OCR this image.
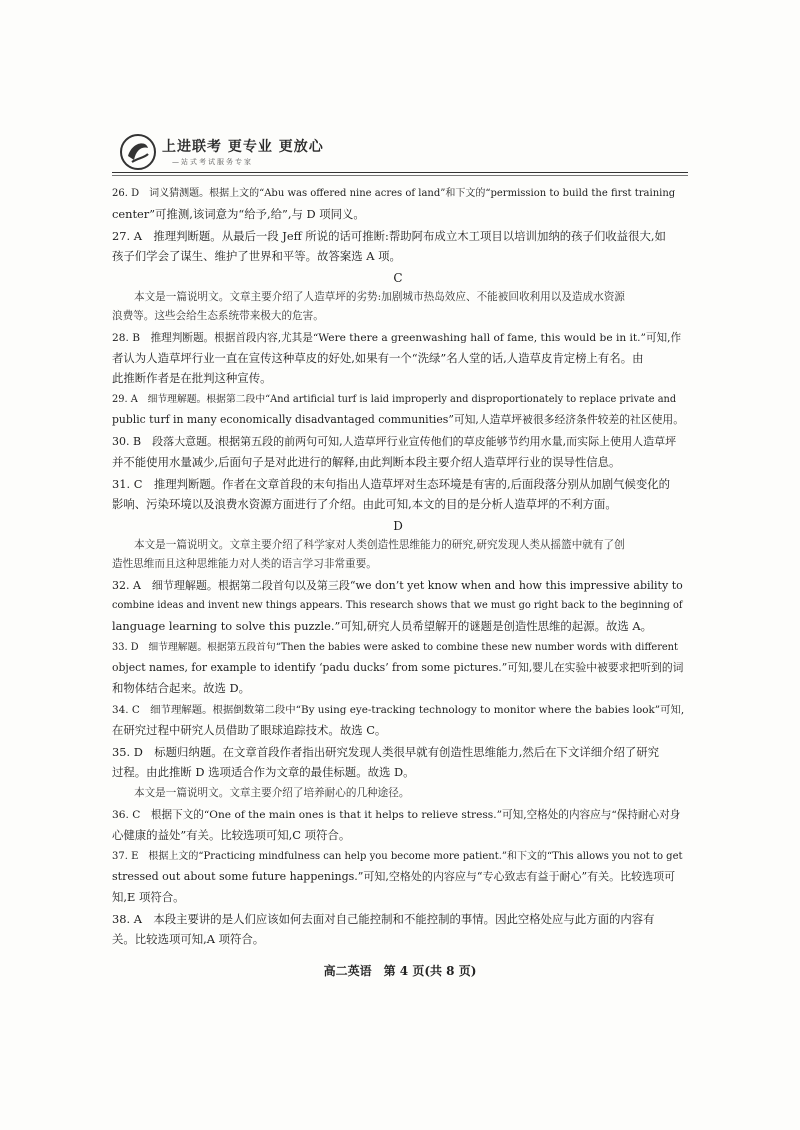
上进联考 更专业 更放心
—站式考试服务专家
26. D　词义猜测题。根据上文的“Abu was offered nine acres of land”和下文的“permission to build the first training
center”可推测,该词意为“给予,给”,与 D 项同义。
27. A　推理判断题。从最后一段 Jeff 所说的话可推断:帮助阿布成立木工项目以培训加纳的孩子们收益很大,如
孩子们学会了谋生、维护了世界和平等。故答案选 A 项。
C
本文是一篇说明文。文章主要介绍了人造草坪的劣势:加剧城市热岛效应、不能被回收利用以及造成水资源
浪费等。这些会给生态系统带来极大的危害。
28. B　推理判断题。根据首段内容,尤其是“Were there a greenwashing hall of fame, this would be in it.”可知,作
者认为人造草坪行业一直在宣传这种草皮的好处,如果有一个“洗绿”名人堂的话,人造草皮肯定榜上有名。由
此推断作者是在批判这种宣传。
29. A　细节理解题。根据第二段中“And artificial turf is laid improperly and disproportionately to replace private and
public turf in many economically disadvantaged communities”可知,人造草坪被很多经济条件较差的社区使用。
30. B　段落大意题。根据第五段的前两句可知,人造草坪行业宣传他们的草皮能够节约用水量,而实际上使用人造草坪
并不能使用水量减少,后面句子是对此进行的解释,由此判断本段主要介绍人造草坪行业的误导性信息。
31. C　推理判断题。作者在文章首段的末句指出人造草坪对生态环境是有害的,后面段落分别从加剧气候变化的
影响、污染环境以及浪费水资源方面进行了介绍。由此可知,本文的目的是分析人造草坪的不利方面。
D
本文是一篇说明文。文章主要介绍了科学家对人类创造性思维能力的研究,研究发现人类从摇篮中就有了创
造性思维而且这种思维能力对人类的语言学习非常重要。
32. A　细节理解题。根据第二段首句以及第三段“we don’t yet know when and how this impressive ability to
combine ideas and invent new things appears. This research shows that we must go right back to the beginning of
language learning to solve this puzzle.”可知,研究人员希望解开的谜题是创造性思维的起源。故选 A。
33. D　细节理解题。根据第五段首句“Then the babies were asked to combine these new number words with different
object names, for example to identify ‘padu ducks’ from some pictures.”可知,婴儿在实验中被要求把听到的词
和物体结合起来。故选 D。
34. C　细节理解题。根据倒数第二段中“By using eye-tracking technology to monitor where the babies look”可知,
在研究过程中研究人员借助了眼球追踪技术。故选 C。
35. D　标题归纳题。在文章首段作者指出研究发现人类很早就有创造性思维能力,然后在下文详细介绍了研究
过程。由此推断 D 选项适合作为文章的最佳标题。故选 D。
本文是一篇说明文。文章主要介绍了培养耐心的几种途径。
36. C　根据下文的“One of the main ones is that it helps to relieve stress.”可知,空格处的内容应与“保持耐心对身
心健康的益处”有关。比较选项可知,C 项符合。
37. E　根据上文的“Practicing mindfulness can help you become more patient.”和下文的“This allows you not to get
stressed out about some future happenings.”可知,空格处的内容应与“专心致志有益于耐心”有关。比较选项可
知,E 项符合。
38. A　本段主要讲的是人们应该如何去面对自己能控制和不能控制的事情。因此空格处应与此方面的内容有
关。比较选项可知,A 项符合。
高二英语　第 4 页(共 8 页)
